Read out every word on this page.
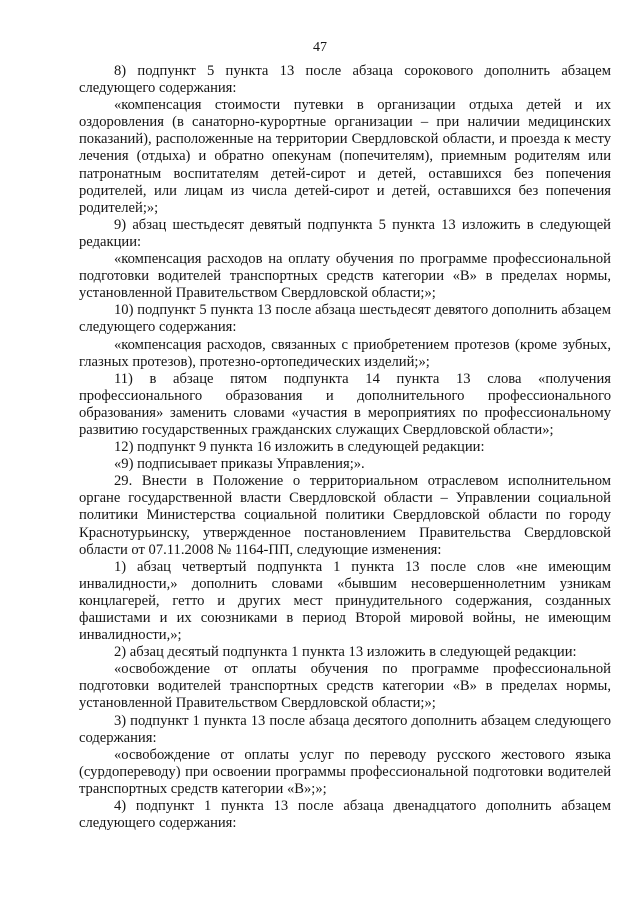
47

8) подпункт 5 пункта 13 после абзаца сорокового дополнить абзацем следующего содержания:

«компенсация стоимости путевки в организации отдыха детей и их оздоровления (в санаторно-курортные организации – при наличии медицинских показаний), расположенные на территории Свердловской области, и проезда к месту лечения (отдыха) и обратно опекунам (попечителям), приемным родителям или патронатным воспитателям детей-сирот и детей, оставшихся без попечения родителей, или лицам из числа детей-сирот и детей, оставшихся без попечения родителей;»;

9) абзац шестьдесят девятый подпункта 5 пункта 13 изложить в следующей редакции:

«компенсация расходов на оплату обучения по программе профессиональной подготовки водителей транспортных средств категории «В» в пределах нормы, установленной Правительством Свердловской области;»;

10) подпункт 5 пункта 13 после абзаца шестьдесят девятого дополнить абзацем следующего содержания:

«компенсация расходов, связанных с приобретением протезов (кроме зубных, глазных протезов), протезно-ортопедических изделий;»;

11) в абзаце пятом подпункта 14 пункта 13 слова «получения профессионального образования и дополнительного профессионального образования» заменить словами «участия в мероприятиях по профессиональному развитию государственных гражданских служащих Свердловской области»;

12) подпункт 9 пункта 16 изложить в следующей редакции:

«9) подписывает приказы Управления;».

29. Внести в Положение о территориальном отраслевом исполнительном органе государственной власти Свердловской области – Управлении социальной политики Министерства социальной политики Свердловской области по городу Краснотурьинску, утвержденное постановлением Правительства Свердловской области от 07.11.2008 № 1164-ПП, следующие изменения:

1) абзац четвертый подпункта 1 пункта 13 после слов «не имеющим инвалидности,» дополнить словами «бывшим несовершеннолетним узникам концлагерей, гетто и других мест принудительного содержания, созданных фашистами и их союзниками в период Второй мировой войны, не имеющим инвалидности,»;

2) абзац десятый подпункта 1 пункта 13 изложить в следующей редакции:

«освобождение от оплаты обучения по программе профессиональной подготовки водителей транспортных средств категории «В» в пределах нормы, установленной Правительством Свердловской области;»;

3) подпункт 1 пункта 13 после абзаца десятого дополнить абзацем следующего содержания:

«освобождение от оплаты услуг по переводу русского жестового языка (сурдопереводу) при освоении программы профессиональной подготовки водителей транспортных средств категории «В»;»;

4) подпункт 1 пункта 13 после абзаца двенадцатого дополнить абзацем следующего содержания:
